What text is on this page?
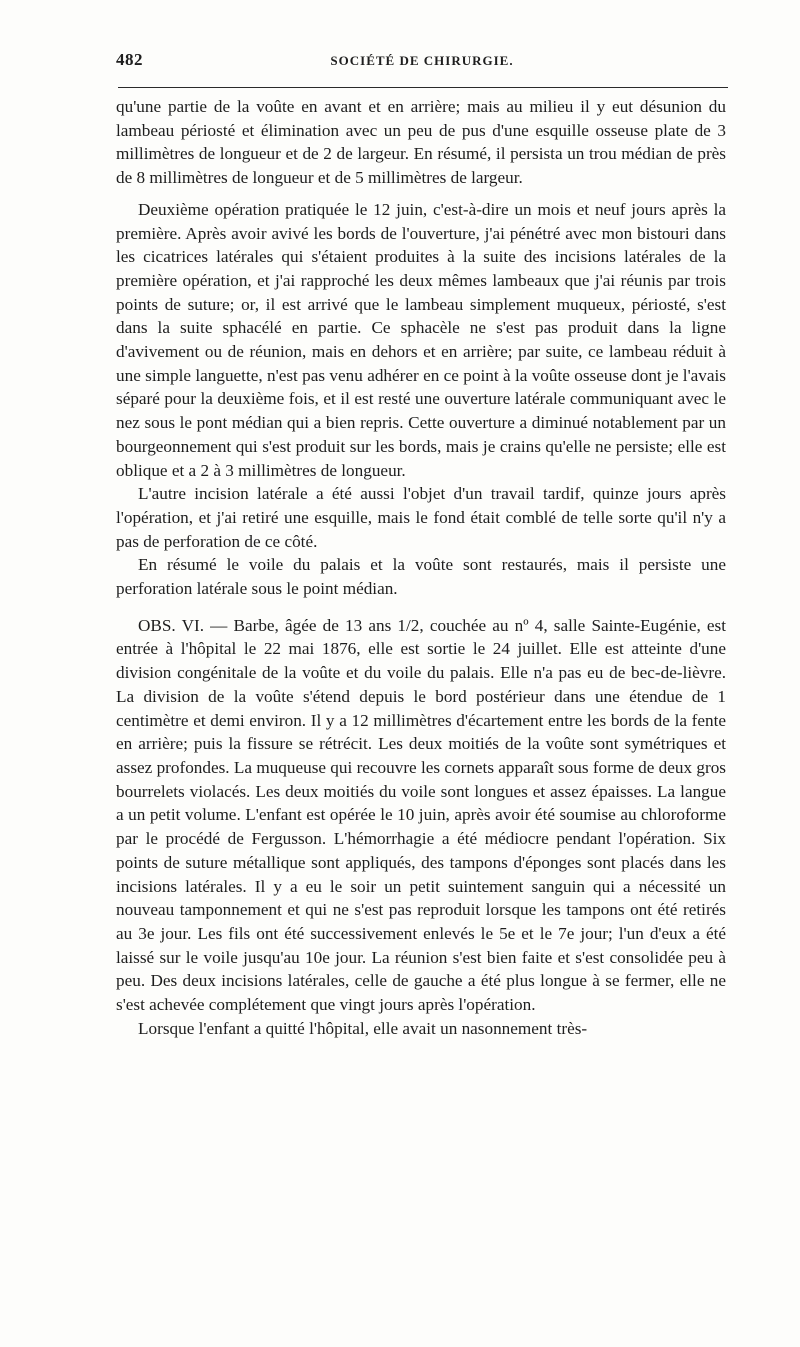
482	SOCIÉTÉ DE CHIRURGIE.

qu'une partie de la voûte en avant et en arrière; mais au milieu il y eut désunion du lambeau périosté et élimination avec un peu de pus d'une esquille osseuse plate de 3 millimètres de longueur et de 2 de largeur. En résumé, il persista un trou médian de près de 8 millimètres de longueur et de 5 millimètres de largeur.

Deuxième opération pratiquée le 12 juin, c'est-à-dire un mois et neuf jours après la première. Après avoir avivé les bords de l'ouverture, j'ai pénétré avec mon bistouri dans les cicatrices latérales qui s'étaient produites à la suite des incisions latérales de la première opération, et j'ai rapproché les deux mêmes lambeaux que j'ai réunis par trois points de suture; or, il est arrivé que le lambeau simplement muqueux, périosté, s'est dans la suite sphacélé en partie. Ce sphacèle ne s'est pas produit dans la ligne d'avivement ou de réunion, mais en dehors et en arrière; par suite, ce lambeau réduit à une simple languette, n'est pas venu adhérer en ce point à la voûte osseuse dont je l'avais séparé pour la deuxième fois, et il est resté une ouverture latérale communiquant avec le nez sous le pont médian qui a bien repris. Cette ouverture a diminué notablement par un bourgeonnement qui s'est produit sur les bords, mais je crains qu'elle ne persiste; elle est oblique et a 2 à 3 millimètres de longueur.

L'autre incision latérale a été aussi l'objet d'un travail tardif, quinze jours après l'opération, et j'ai retiré une esquille, mais le fond était comblé de telle sorte qu'il n'y a pas de perforation de ce côté.

En résumé le voile du palais et la voûte sont restaurés, mais il persiste une perforation latérale sous le point médian.

OBS. VI. — Barbe, âgée de 13 ans 1/2, couchée au nº 4, salle Sainte-Eugénie, est entrée à l'hôpital le 22 mai 1876, elle est sortie le 24 juillet. Elle est atteinte d'une division congénitale de la voûte et du voile du palais. Elle n'a pas eu de bec-de-lièvre. La division de la voûte s'étend depuis le bord postérieur dans une étendue de 1 centimètre et demi environ. Il y a 12 millimètres d'écartement entre les bords de la fente en arrière; puis la fissure se rétrécit. Les deux moitiés de la voûte sont symétriques et assez profondes. La muqueuse qui recouvre les cornets apparaît sous forme de deux gros bourrelets violacés. Les deux moitiés du voile sont longues et assez épaisses. La langue a un petit volume. L'enfant est opérée le 10 juin, après avoir été soumise au chloroforme par le procédé de Fergusson. L'hémorrhagie a été médiocre pendant l'opération. Six points de suture métallique sont appliqués, des tampons d'éponges sont placés dans les incisions latérales. Il y a eu le soir un petit suintement sanguin qui a nécessité un nouveau tamponnement et qui ne s'est pas reproduit lorsque les tampons ont été retirés au 3e jour. Les fils ont été successivement enlevés le 5e et le 7e jour; l'un d'eux a été laissé sur le voile jusqu'au 10e jour. La réunion s'est bien faite et s'est consolidée peu à peu. Des deux incisions latérales, celle de gauche a été plus longue à se fermer, elle ne s'est achevée complétement que vingt jours après l'opération.

Lorsque l'enfant a quitté l'hôpital, elle avait un nasonnement très-
